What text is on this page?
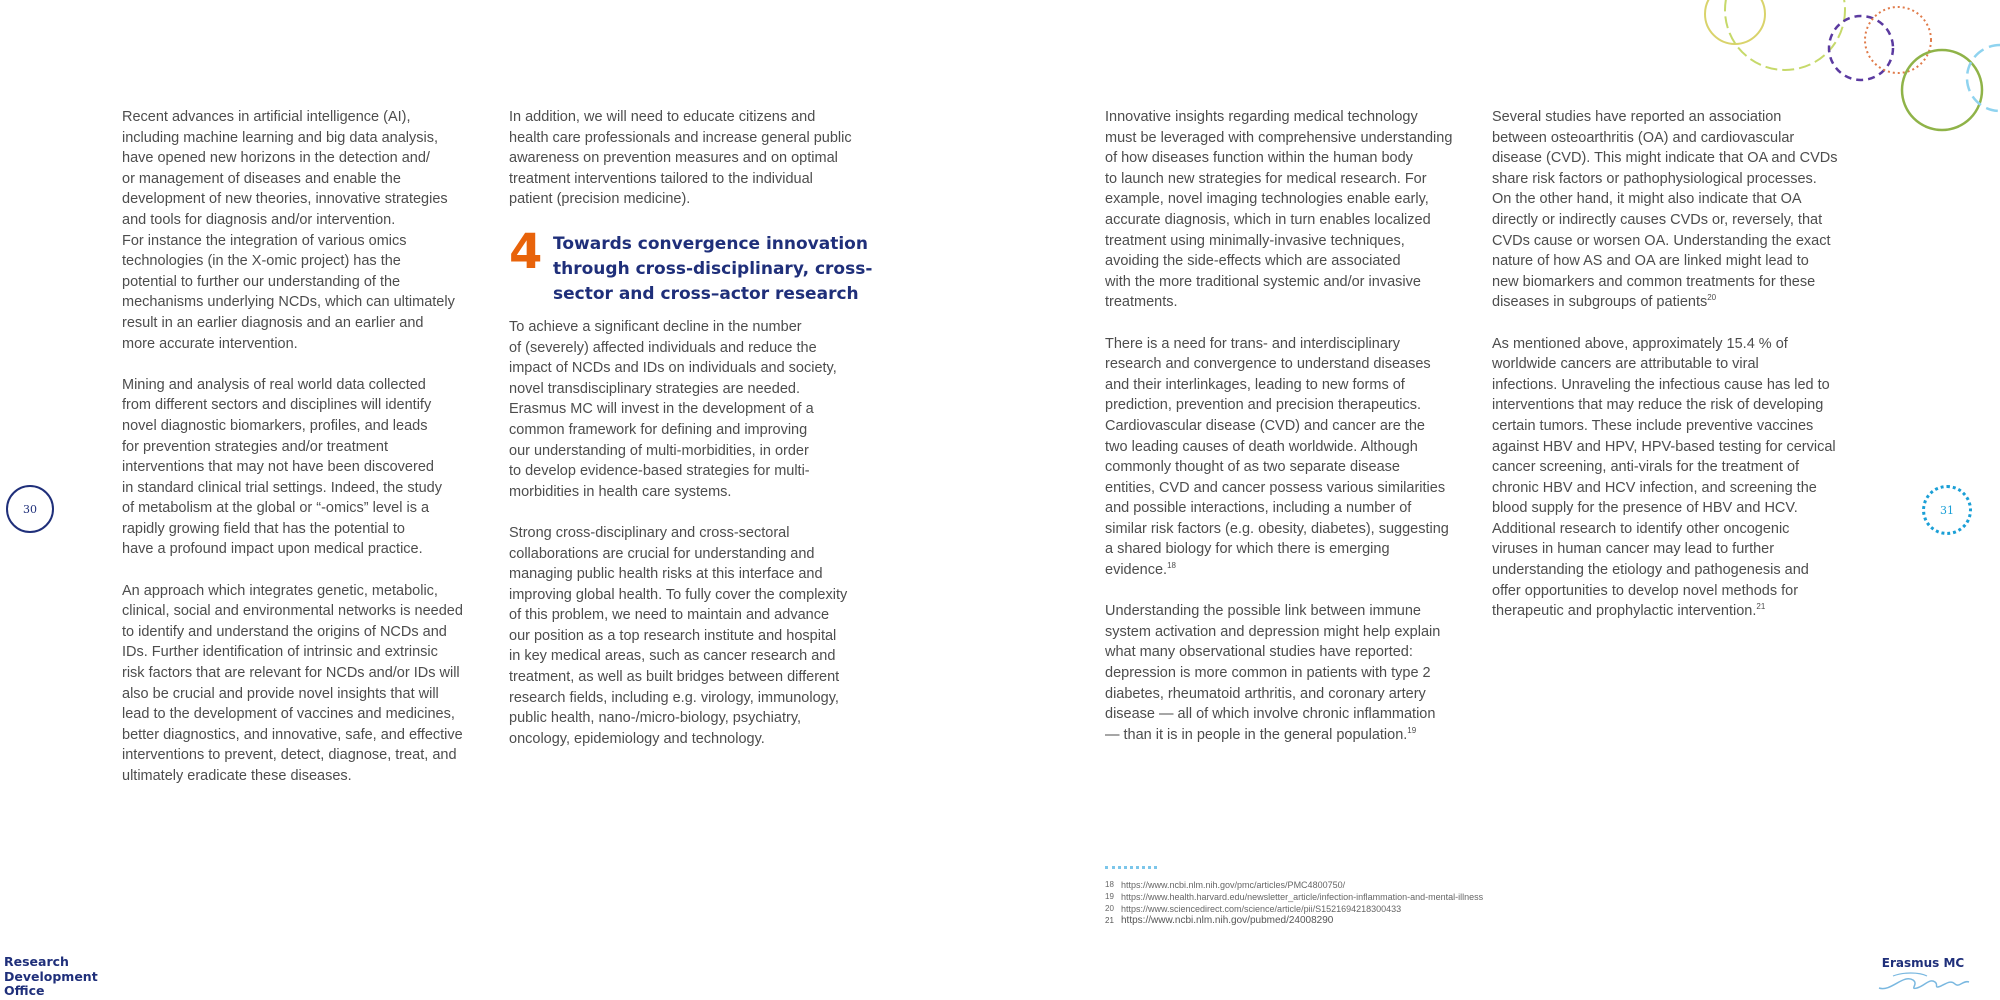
Recent advances in artificial intelligence (AI),
including machine learning and big data analysis,
have opened new horizons in the detection and/
or management of diseases and enable the
development of new theories, innovative strategies
and tools for diagnosis and/or intervention.
For instance the integration of various omics
technologies (in the X-omic project) has the
potential to further our understanding of the
mechanisms underlying NCDs, which can ultimately
result in an earlier diagnosis and an earlier and
more accurate intervention.

Mining and analysis of real world data collected
from different sectors and disciplines will identify
novel diagnostic biomarkers, profiles, and leads
for prevention strategies and/or treatment
interventions that may not have been discovered
in standard clinical trial settings. Indeed, the study
of metabolism at the global or “-omics” level is a
rapidly growing field that has the potential to
have a profound impact upon medical practice.

An approach which integrates genetic, metabolic,
clinical, social and environmental networks is needed
to identify and understand the origins of NCDs and
IDs. Further identification of intrinsic and extrinsic
risk factors that are relevant for NCDs and/or IDs will
also be crucial and provide novel insights that will
lead to the development of vaccines and medicines,
better diagnostics, and innovative, safe, and effective
interventions to prevent, detect, diagnose, treat, and
ultimately eradicate these diseases.

In addition, we will need to educate citizens and
health care professionals and increase general public
awareness on prevention measures and on optimal
treatment interventions tailored to the individual
patient (precision medicine).

4 Towards convergence innovation
through cross-disciplinary, cross-
sector and cross–actor research

To achieve a significant decline in the number
of (severely) affected individuals and reduce the
impact of NCDs and IDs on individuals and society,
novel transdisciplinary strategies are needed.
Erasmus MC will invest in the development of a
common framework for defining and improving
our understanding of multi-morbidities, in order
to develop evidence-based strategies for multi-
morbidities in health care systems.

Strong cross-disciplinary and cross-sectoral
collaborations are crucial for understanding and
managing public health risks at this interface and
improving global health. To fully cover the complexity
of this problem, we need to maintain and advance
our position as a top research institute and hospital
in key medical areas, such as cancer research and
treatment, as well as built bridges between different
research fields, including e.g. virology, immunology,
public health, nano-/micro-biology, psychiatry,
oncology, epidemiology and technology.

30
Research
Development
Office

Innovative insights regarding medical technology
must be leveraged with comprehensive understanding
of how diseases function within the human body
to launch new strategies for medical research. For
example, novel imaging technologies enable early,
accurate diagnosis, which in turn enables localized
treatment using minimally-invasive techniques,
avoiding the side-effects which are associated
with the more traditional systemic and/or invasive
treatments.

There is a need for trans- and interdisciplinary
research and convergence to understand diseases
and their interlinkages, leading to new forms of
prediction, prevention and precision therapeutics.
Cardiovascular disease (CVD) and cancer are the
two leading causes of death worldwide. Although
commonly thought of as two separate disease
entities, CVD and cancer possess various similarities
and possible interactions, including a number of
similar risk factors (e.g. obesity, diabetes), suggesting
a shared biology for which there is emerging
evidence.$^{18}$

Understanding the possible link between immune
system activation and depression might help explain
what many observational studies have reported:
depression is more common in patients with type 2
diabetes, rheumatoid arthritis, and coronary artery
disease — all of which involve chronic inflammation
— than it is in people in the general population.$^{19}$

Several studies have reported an association
between osteoarthritis (OA) and cardiovascular
disease (CVD). This might indicate that OA and CVDs
share risk factors or pathophysiological processes.
On the other hand, it might also indicate that OA
directly or indirectly causes CVDs or, reversely, that
CVDs cause or worsen OA. Understanding the exact
nature of how AS and OA are linked might lead to
new biomarkers and common treatments for these
diseases in subgroups of patients$^{20}$

As mentioned above, approximately 15.4 % of
worldwide cancers are attributable to viral
infections. Unraveling the infectious cause has led to
interventions that may reduce the risk of developing
certain tumors. These include preventive vaccines
against HBV and HPV, HPV-based testing for cervical
cancer screening, anti-virals for the treatment of
chronic HBV and HCV infection, and screening the
blood supply for the presence of HBV and HCV.
Additional research to identify other oncogenic
viruses in human cancer may lead to further
understanding the etiology and pathogenesis and
offer opportunities to develop novel methods for
therapeutic and prophylactic intervention.$^{21}$

31
18 https://www.ncbi.nlm.nih.gov/pmc/articles/PMC4800750/
19 https://www.health.harvard.edu/newsletter_article/infection-inflammation-and-mental-illness
20 https://www.sciencedirect.com/science/article/pii/S1521694218300433
21 https://www.ncbi.nlm.nih.gov/pubmed/24008290
Erasmus MC
